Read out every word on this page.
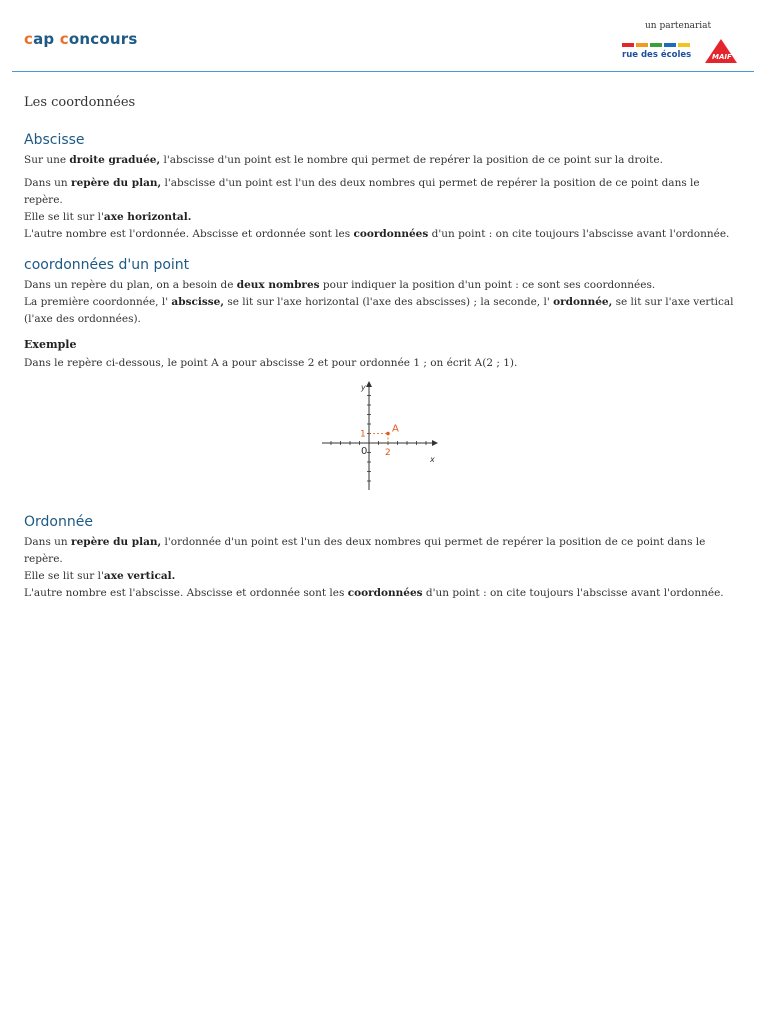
cap concours
un partenariat
rue des écoles	MAIF
Les coordonnées
Abscisse

Sur une droite graduée, l'abscisse d'un point est le nombre qui permet de repérer la position de ce point sur la droite.

Dans un repère du plan, l'abscisse d'un point est l'un des deux nombres qui permet de repérer la position de ce point dans le repère.

Elle se lit sur l'axe horizontal.

L'autre nombre est l'ordonnée. Abscisse et ordonnée sont les coordonnées d'un point : on cite toujours l'abscisse avant l'ordonnée.

coordonnées d'un point

Dans un repère du plan, on a besoin de deux nombres pour indiquer la position d'un point : ce sont ses coordonnées.

La première coordonnée, l' abscisse, se lit sur l'axe horizontal (l'axe des abscisses) ; la seconde, l' ordonnée, se lit sur l'axe vertical (l'axe des ordonnées).

Exemple

Dans le repère ci-dessous, le point A a pour abscisse 2 et pour ordonnée 1 ; on écrit A(2 ; 1).

y
x
0
A
2
1
Ordonnée

Dans un repère du plan, l'ordonnée d'un point est l'un des deux nombres qui permet de repérer la position de ce point dans le repère.

Elle se lit sur l'axe vertical.

L'autre nombre est l'abscisse. Abscisse et ordonnée sont les coordonnées d'un point : on cite toujours l'abscisse avant l'ordonnée.
